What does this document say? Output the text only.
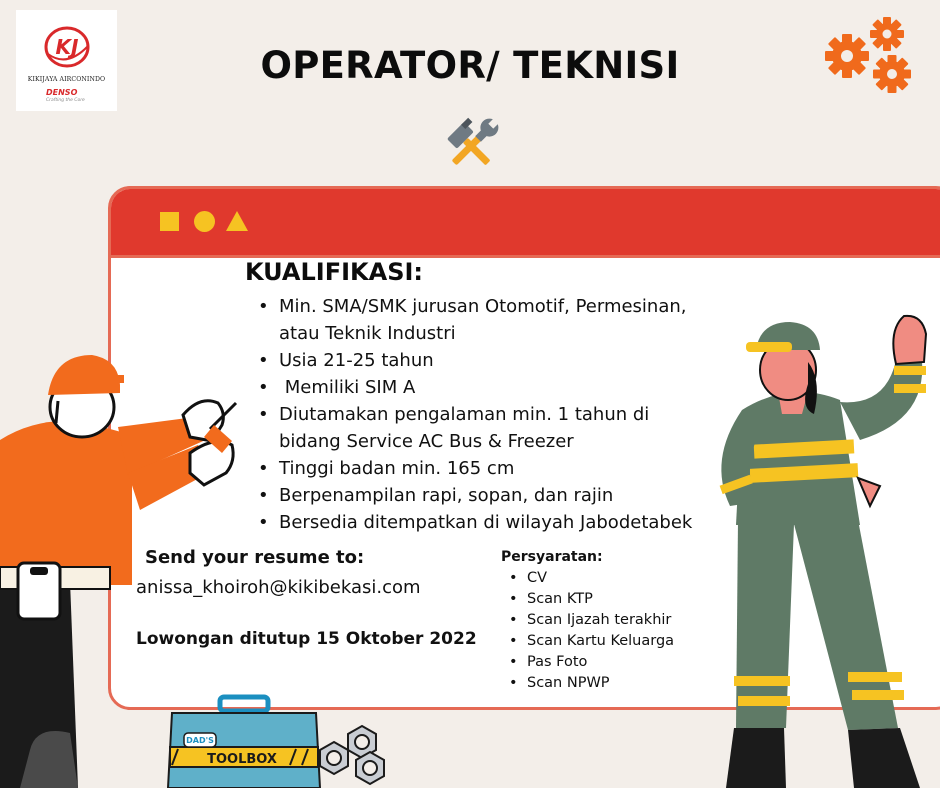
KJ
KIKIJAYA AIRCONINDO
DENSO
Crafting the Core
OPERATOR/ TEKNISI
KUALIFIKASI:
• Min. SMA/SMK jurusan Otomotif, Permesinan,
atau Teknik Industri
• Usia 21-25 tahun
•  Memiliki SIM A
• Diutamakan pengalaman min. 1 tahun di
bidang Service AC Bus & Freezer
• Tinggi badan min. 165 cm
• Berpenampilan rapi, sopan, dan rajin
• Bersedia ditempatkan di wilayah Jabodetabek
Send your resume to:
anissa_khoiroh@kikibekasi.com
Lowongan ditutup 15 Oktober 2022
Persyaratan:
• CV
• Scan KTP
• Scan Ijazah terakhir
• Scan Kartu Keluarga
• Pas Foto
• Scan NPWP
DAD'S
TOOLBOX
